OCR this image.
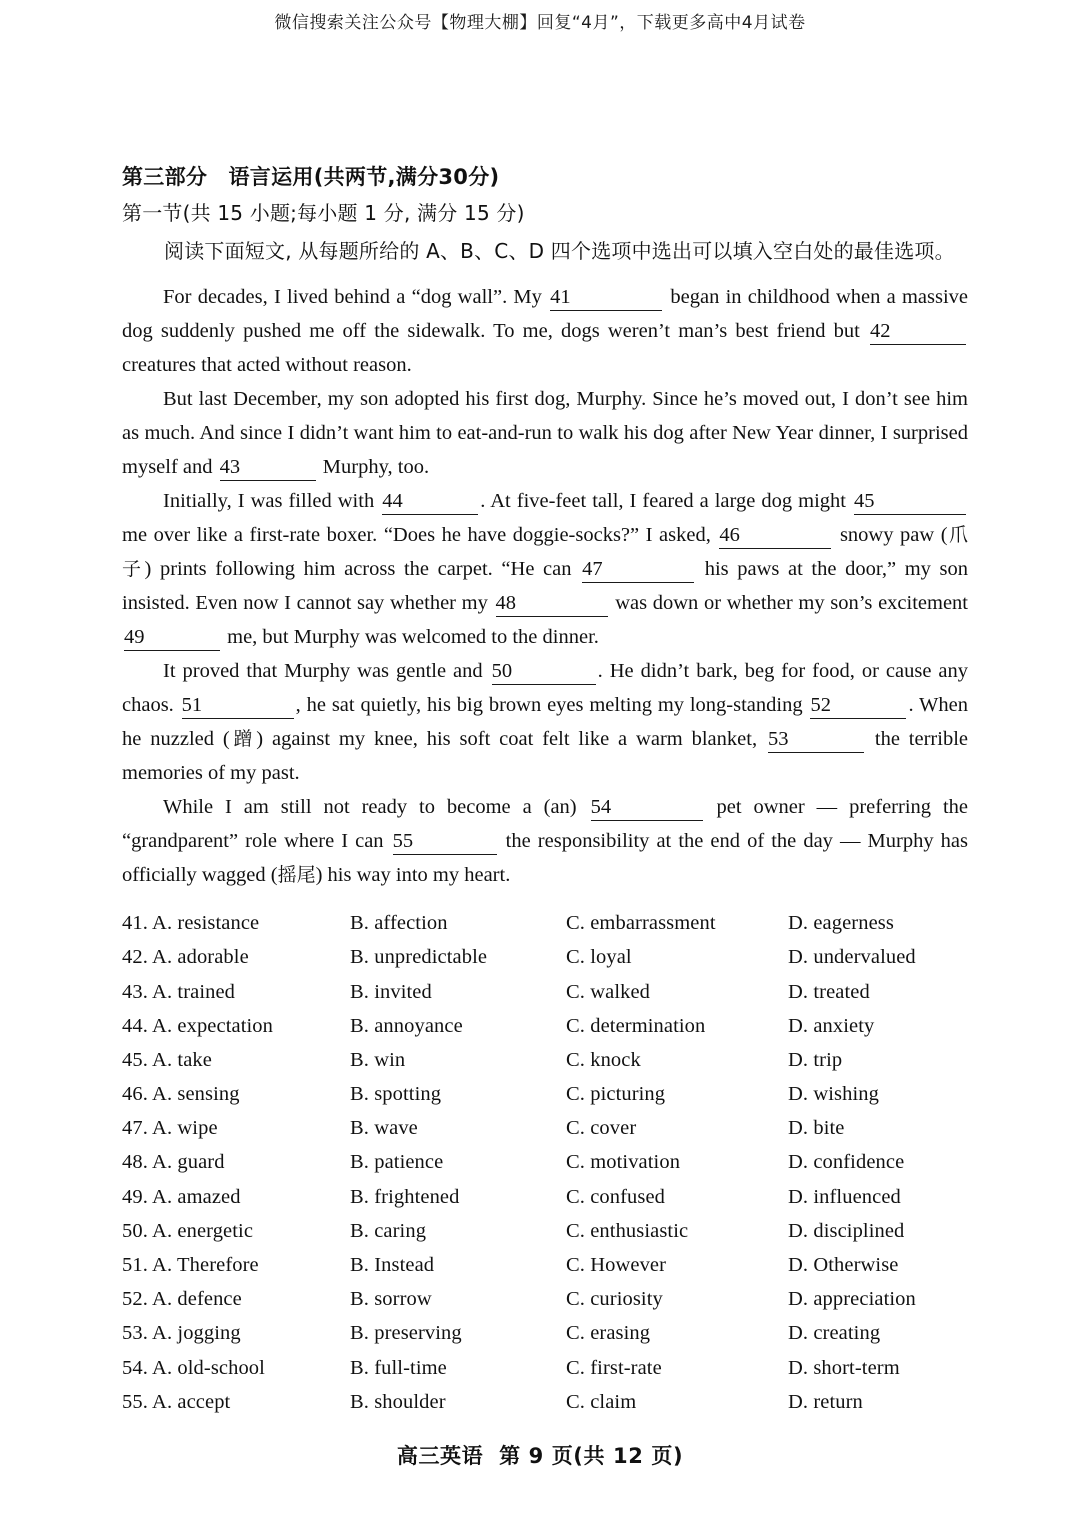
微信搜索关注公众号【物理大棚】回复“4月”，下载更多高中4月试卷
第三部分　语言运用(共两节,满分30分)
第一节(共 15 小题;每小题 1 分, 满分 15 分)
阅读下面短文, 从每题所给的 A、B、C、D 四个选项中选出可以填入空白处的最佳选项。
For decades, I lived behind a “dog wall”. My 41	began in childhood when a massive dog suddenly pushed me off the sidewalk. To me, dogs weren’t man’s best friend but 42 creatures that acted without reason.
But last December, my son adopted his first dog, Murphy. Since he’s moved out, I don’t see him as much. And since I didn’t want him to eat-and-run to walk his dog after New Year dinner, I surprised myself and 43	Murphy, too.
Initially, I was filled with 44	. At five-feet tall, I feared a large dog might 45 me over like a first-rate boxer. “Does he have doggie-socks?” I asked, 46	snowy paw (爪子) prints following him across the carpet. “He can 47	his paws at the door,” my son insisted. Even now I cannot say whether my 48	was down or whether my son’s excitement 49	me, but Murphy was welcomed to the dinner.
It proved that Murphy was gentle and 50	. He didn’t bark, beg for food, or cause any chaos. 51	, he sat quietly, his big brown eyes melting my long-standing 52	. When he nuzzled (蹭) against my knee, his soft coat felt like a warm blanket, 53	the terrible memories of my past.
While I am still not ready to become a (an) 54	pet owner — preferring the “grandparent” role where I can 55	the responsibility at the end of the day — Murphy has officially wagged (摇尾) his way into my heart.
41. A. resistance	B. affection	C. embarrassment	D. eagerness
42. A. adorable	B. unpredictable	C. loyal	D. undervalued
43. A. trained	B. invited	C. walked	D. treated
44. A. expectation	B. annoyance	C. determination	D. anxiety
45. A. take	B. win	C. knock	D. trip
46. A. sensing	B. spotting	C. picturing	D. wishing
47. A. wipe	B. wave	C. cover	D. bite
48. A. guard	B. patience	C. motivation	D. confidence
49. A. amazed	B. frightened	C. confused	D. influenced
50. A. energetic	B. caring	C. enthusiastic	D. disciplined
51. A. Therefore	B. Instead	C. However	D. Otherwise
52. A. defence	B. sorrow	C. curiosity	D. appreciation
53. A. jogging	B. preserving	C. erasing	D. creating
54. A. old-school	B. full-time	C. first-rate	D. short-term
55. A. accept	B. shoulder	C. claim	D. return
高三英语 第 9 页(共 12 页)
